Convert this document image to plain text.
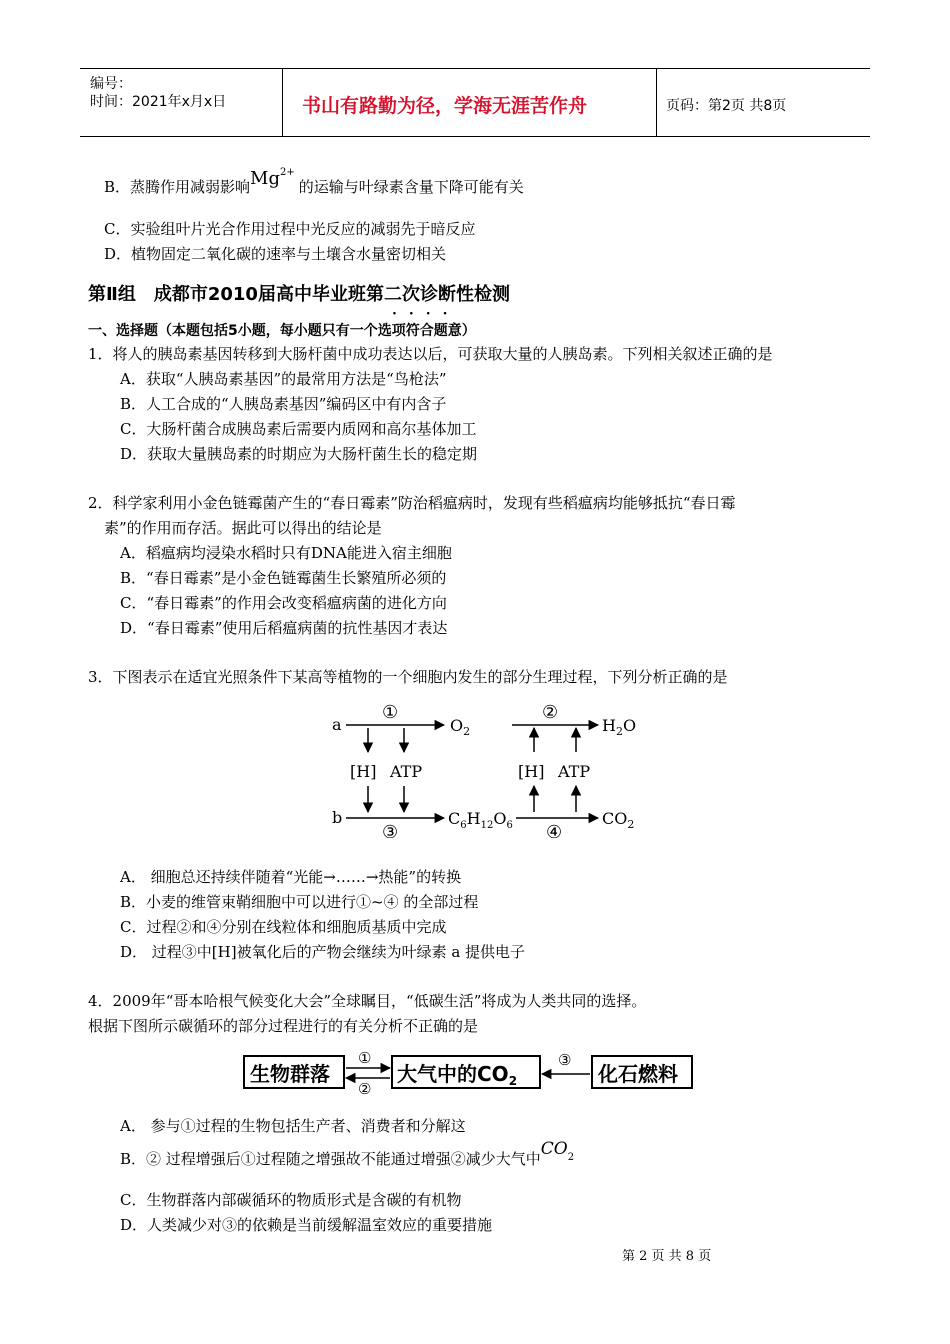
编号：
时间：2021年x月x日	书山有路勤为径，学海无涯苦作舟	页码：第2页 共8页
B．蒸腾作用减弱影响$Mg^{2+}$的运输与叶绿素含量下降可能有关
C．实验组叶片光合作用过程中光反应的减弱先于暗反应
D．植物固定二氧化碳的速率与土壤含水量密切相关
第Ⅱ组　成都市2010届高中毕业班第二次诊断性检测
一、选择题（本题包括5小题，每小题只有一个选项符合题意）
····
1．将人的胰岛素基因转移到大肠杆菌中成功表达以后，可获取大量的人胰岛素。下列相关叙述正确的是
A．获取“人胰岛素基因”的最常用方法是“鸟枪法”
B．人工合成的“人胰岛素基因”编码区中有内含子
C．大肠杆菌合成胰岛素后需要内质网和高尔基体加工
D．获取大量胰岛素的时期应为大肠杆菌生长的稳定期
2．科学家利用小金色链霉菌产生的“春日霉素”防治稻瘟病时，发现有些稻瘟病均能够抵抗“春日霉
素”的作用而存活。据此可以得出的结论是
A．稻瘟病均浸染水稻时只有DNA能进入宿主细胞
B．“春日霉素”是小金色链霉菌生长繁殖所必须的
C．“春日霉素”的作用会改变稻瘟病菌的进化方向
D．“春日霉素”使用后稻瘟病菌的抗性基因才表达
3．下图表示在适宜光照条件下某高等植物的一个细胞内发生的部分生理过程，下列分析正确的是
a
①
$O_2$
[H] ATP
b
③
$C_6H_{12}O_6$ ④
$CO_2$
[H] ATP
②
$H_2O$
A． 细胞总还持续伴随着“光能→……→热能”的转换
B．小麦的维管束鞘细胞中可以进行①~④ 的全部过程
C．过程②和④分别在线粒体和细胞质基质中完成
D． 过程③中[H]被氧化后的产物会继续为叶绿素 a 提供电子
4．2009年“哥本哈根气候变化大会”全球瞩目，“低碳生活”将成为人类共同的选择。
根据下图所示碳循环的部分过程进行的有关分析不正确的是
生物群落	大气中的$CO_2$	化石燃料
①
②
③
A． 参与①过程的生物包括生产者、消费者和分解这
B．② 过程增强后①过程随之增强故不能通过增强②减少大气中$CO^2$
C．生物群落内部碳循环的物质形式是含碳的有机物
D．人类减少对③的依赖是当前缓解温室效应的重要措施
第 2 页 共 8 页
